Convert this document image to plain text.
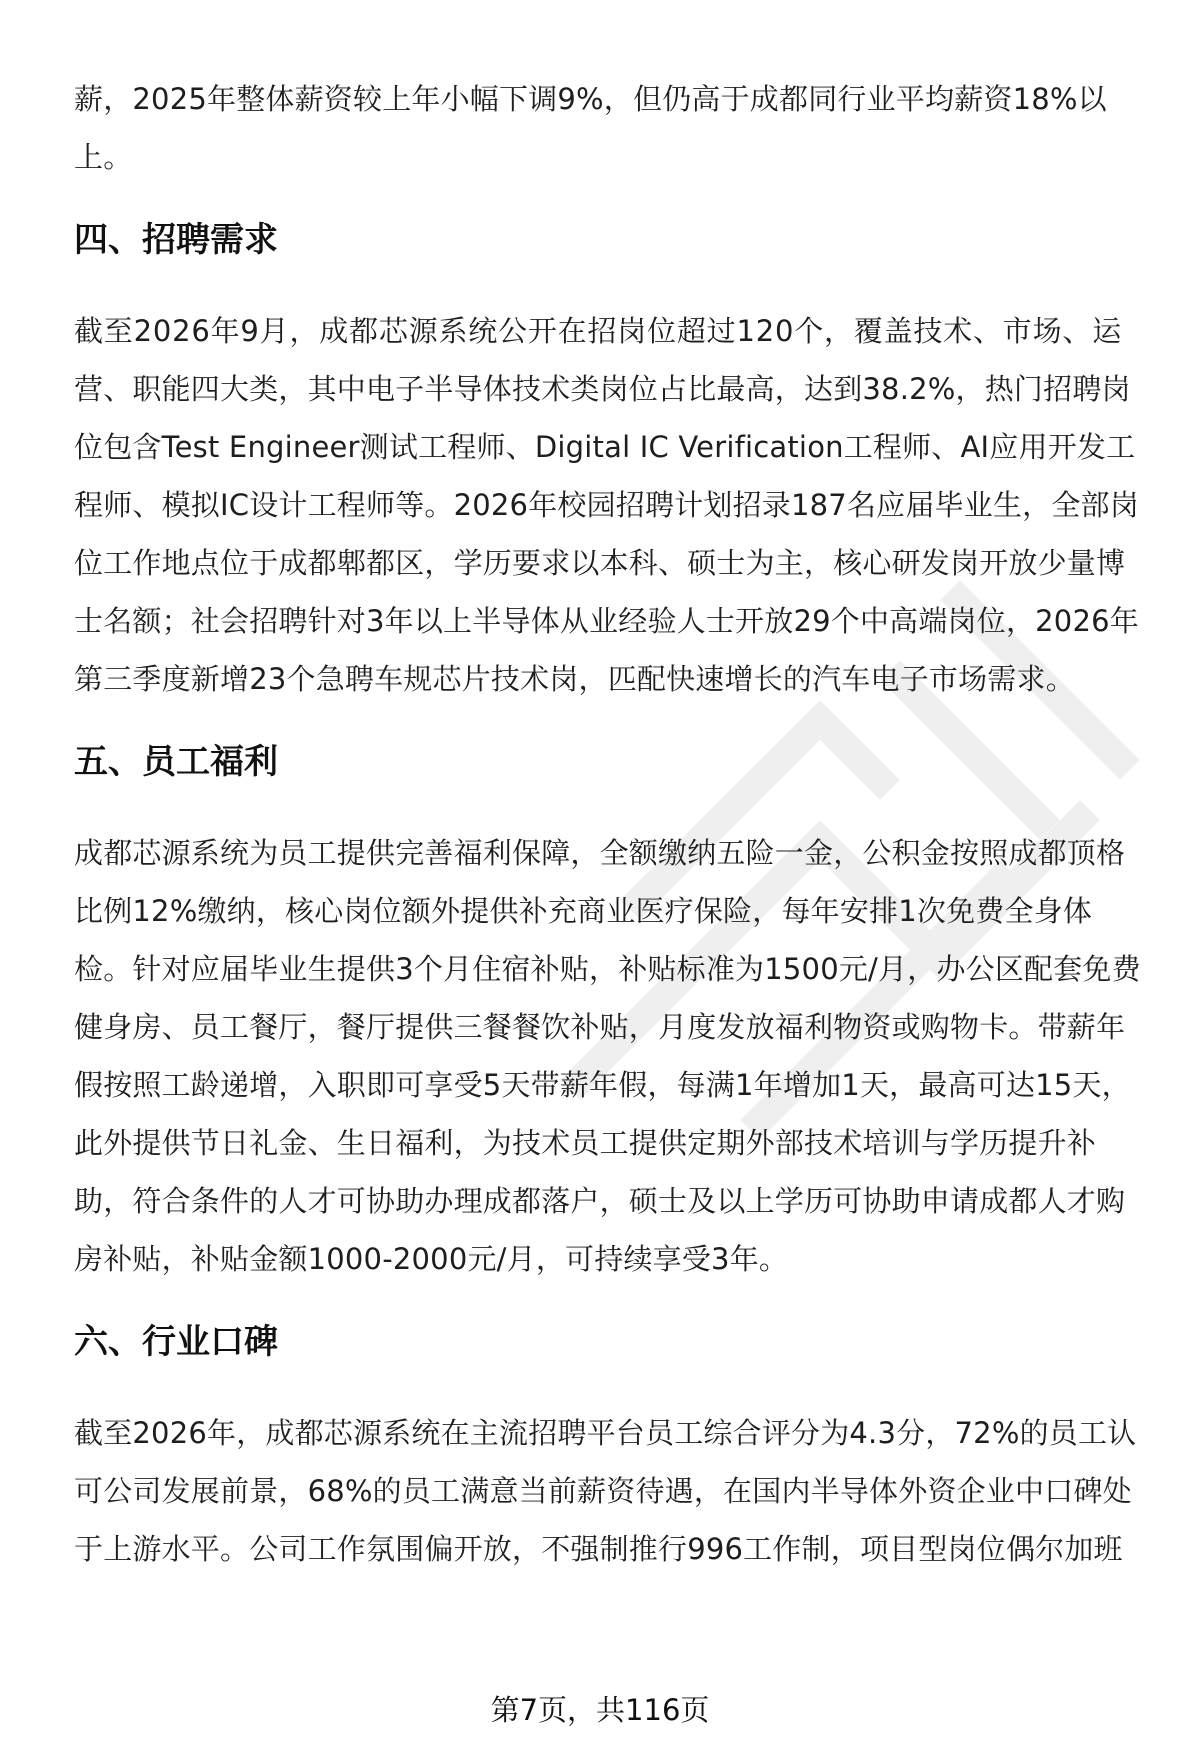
薪，2025年整体薪资较上年小幅下调9%，但仍高于成都同行业平均薪资18%以

上。

四、招聘需求

截至2026年9月，成都芯源系统公开在招岗位超过120个，覆盖技术、市场、运

营、职能四大类，其中电子半导体技术类岗位占比最高，达到38.2%，热门招聘岗

位包含Test Engineer测试工程师、Digital IC Verification工程师、AI应用开发工

程师、模拟IC设计工程师等。2026年校园招聘计划招录187名应届毕业生，全部岗

位工作地点位于成都郫都区，学历要求以本科、硕士为主，核心研发岗开放少量博

士名额；社会招聘针对3年以上半导体从业经验人士开放29个中高端岗位，2026年

第三季度新增23个急聘车规芯片技术岗，匹配快速增长的汽车电子市场需求。

五、员工福利

成都芯源系统为员工提供完善福利保障，全额缴纳五险一金，公积金按照成都顶格

比例12%缴纳，核心岗位额外提供补充商业医疗保险，每年安排1次免费全身体

检。针对应届毕业生提供3个月住宿补贴，补贴标准为1500元/月，办公区配套免费

健身房、员工餐厅，餐厅提供三餐餐饮补贴，月度发放福利物资或购物卡。带薪年

假按照工龄递增，入职即可享受5天带薪年假，每满1年增加1天，最高可达15天，

此外提供节日礼金、生日福利，为技术员工提供定期外部技术培训与学历提升补

助，符合条件的人才可协助办理成都落户，硕士及以上学历可协助申请成都人才购

房补贴，补贴金额1000-2000元/月，可持续享受3年。

六、行业口碑

截至2026年，成都芯源系统在主流招聘平台员工综合评分为4.3分，72%的员工认

可公司发展前景，68%的员工满意当前薪资待遇，在国内半导体外资企业中口碑处

于上游水平。公司工作氛围偏开放，不强制推行996工作制，项目型岗位偶尔加班

第7页，共116页
